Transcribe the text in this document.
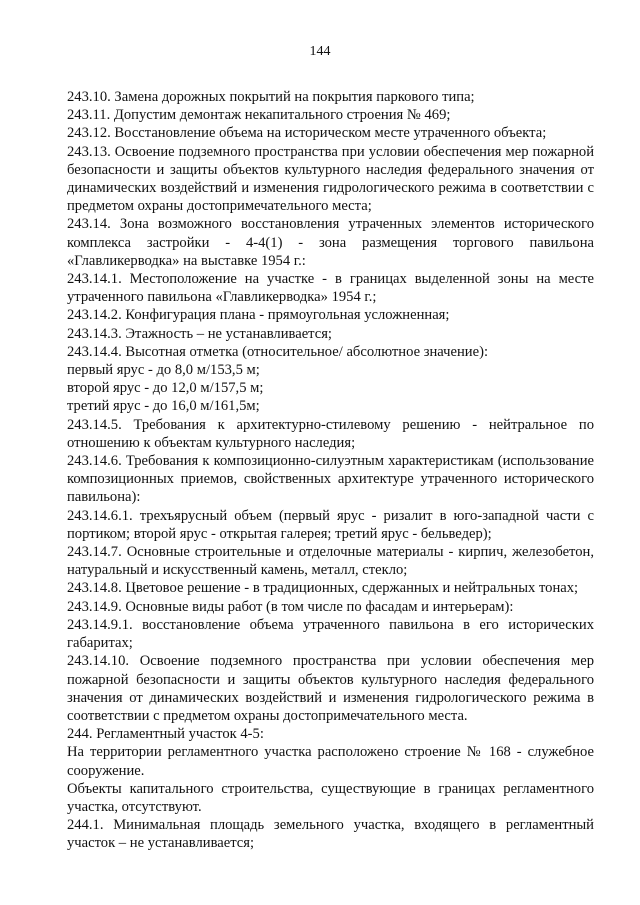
144

243.10. Замена дорожных покрытий на покрытия паркового типа;

243.11. Допустим демонтаж некапитального строения № 469;

243.12. Восстановление объема на историческом месте утраченного объекта;

243.13. Освоение подземного пространства при условии обеспечения мер пожарной безопасности и защиты объектов культурного наследия федерального значения от динамических воздействий и изменения гидрологического режима в соответствии с предметом охраны достопримечательного места;

243.14. Зона возможного восстановления утраченных элементов исторического комплекса застройки - 4-4(1) - зона размещения торгового павильона «Главликерводка» на выставке 1954 г.:

243.14.1. Местоположение на участке - в границах выделенной зоны на месте утраченного павильона «Главликерводка» 1954 г.;

243.14.2. Конфигурация плана - прямоугольная усложненная;

243.14.3. Этажность – не устанавливается;

243.14.4. Высотная отметка (относительное/ абсолютное значение):

первый ярус - до 8,0 м/153,5 м;

второй ярус - до 12,0 м/157,5 м;

третий ярус - до 16,0 м/161,5м;

243.14.5. Требования к архитектурно-стилевому решению - нейтральное по отношению к объектам культурного наследия;

243.14.6. Требования к композиционно-силуэтным характеристикам (использование композиционных приемов, свойственных архитектуре утраченного исторического павильона):

243.14.6.1. трехъярусный объем (первый ярус - ризалит в юго-западной части с портиком; второй ярус - открытая галерея; третий ярус - бельведер);

243.14.7. Основные строительные и отделочные материалы - кирпич, железобетон, натуральный и искусственный камень, металл, стекло;

243.14.8. Цветовое решение - в традиционных, сдержанных и нейтральных тонах;

243.14.9. Основные виды работ (в том числе по фасадам и интерьерам):

243.14.9.1. восстановление объема утраченного павильона в его исторических габаритах;

243.14.10. Освоение подземного пространства при условии обеспечения мер пожарной безопасности и защиты объектов культурного наследия федерального значения от динамических воздействий и изменения гидрологического режима в соответствии с предметом охраны достопримечательного места.

244. Регламентный участок 4-5:

На территории регламентного участка расположено строение № 168 - служебное сооружение.

Объекты капитального строительства, существующие в границах регламентного участка, отсутствуют.

244.1. Минимальная площадь земельного участка, входящего в регламентный участок – не устанавливается;
